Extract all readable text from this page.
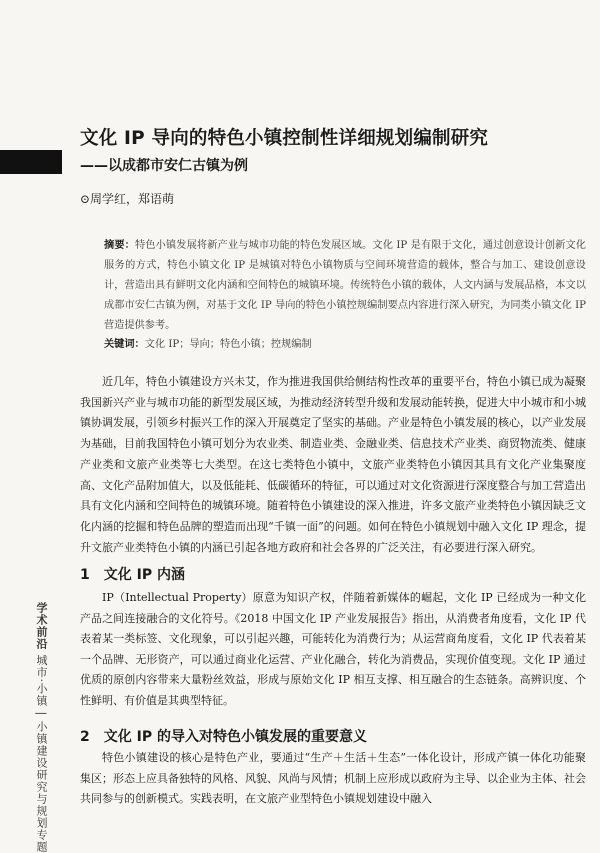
文化 IP 导向的特色小镇控制性详细规划编制研究
——以成都市安仁古镇为例
⊙周学红，郑语萌
摘要：特色小镇发展将新产业与城市功能的特色发展区域。文化 IP 是有限于文化，通过创意设计创新文化服务的方式，特色小镇文化 IP 是城镇对特色小镇物质与空间环境营造的载体，整合与加工、建设创意设计，营造出具有鲜明文化内涵和空间特色的城镇环境。传统特色小镇的载体，人文内涵与发展品格，本文以成都市安仁古镇为例，对基于文化 IP 导向的特色小镇控规编制要点内容进行深入研究，为同类小镇文化 IP 营造提供参考。
关键词：文化 IP；导向；特色小镇；控规编制
近几年，特色小镇建设方兴未艾，作为推进我国供给侧结构性改革的重要平台，特色小镇已成为凝聚我国新兴产业与城市功能的新型发展区域，为推动经济转型升级和发展动能转换，促进大中小城市和小城镇协调发展，引领乡村振兴工作的深入开展奠定了坚实的基础。产业是特色小镇发展的核心，以产业发展为基础，目前我国特色小镇可划分为农业类、制造业类、金融业类、信息技术产业类、商贸物流类、健康产业类和文旅产业类等七大类型。在这七类特色小镇中，文旅产业类特色小镇因其具有文化产业集聚度高、文化产品附加值大，以及低能耗、低碳循环的特征，可以通过对文化资源进行深度整合与加工营造出具有文化内涵和空间特色的城镇环境。随着特色小镇建设的深入推进，许多文旅产业类特色小镇因缺乏文化内涵的挖掘和特色品牌的塑造而出现“千镇一面”的问题。如何在特色小镇规划中融入文化 IP 理念，提升文旅产业类特色小镇的内涵已引起各地方政府和社会各界的广泛关注，有必要进行深入研究。
1　文化 IP 内涵
IP（Intellectual Property）原意为知识产权，伴随着新媒体的崛起，文化 IP 已经成为一种文化产品之间连接融合的文化符号。《2018 中国文化 IP 产业发展报告》指出，从消费者角度看，文化 IP 代表着某一类标签、文化现象，可以引起兴趣，可能转化为消费行为；从运营商角度看，文化 IP 代表着某一个品牌、无形资产，可以通过商业化运营、产业化融合，转化为消费品，实现价值变现。文化 IP 通过优质的原创内容带来大量粉丝效益，形成与原始文化 IP 相互支撑、相互融合的生态链条。高辨识度、个性鲜明、有价值是其典型特征。
2　文化 IP 的导入对特色小镇发展的重要意义
特色小镇建设的核心是特色产业，要通过“生产＋生活＋生态”一体化设计，形成产镇一体化功能聚集区；形态上应具备独特的风格、风貌、风尚与风情；机制上应形成以政府为主导、以企业为主体、社会共同参与的创新模式。实践表明，在文旅产业型特色小镇规划建设中融入
学术前沿 城市·小镇 | 小镇建设研究与规划专题
